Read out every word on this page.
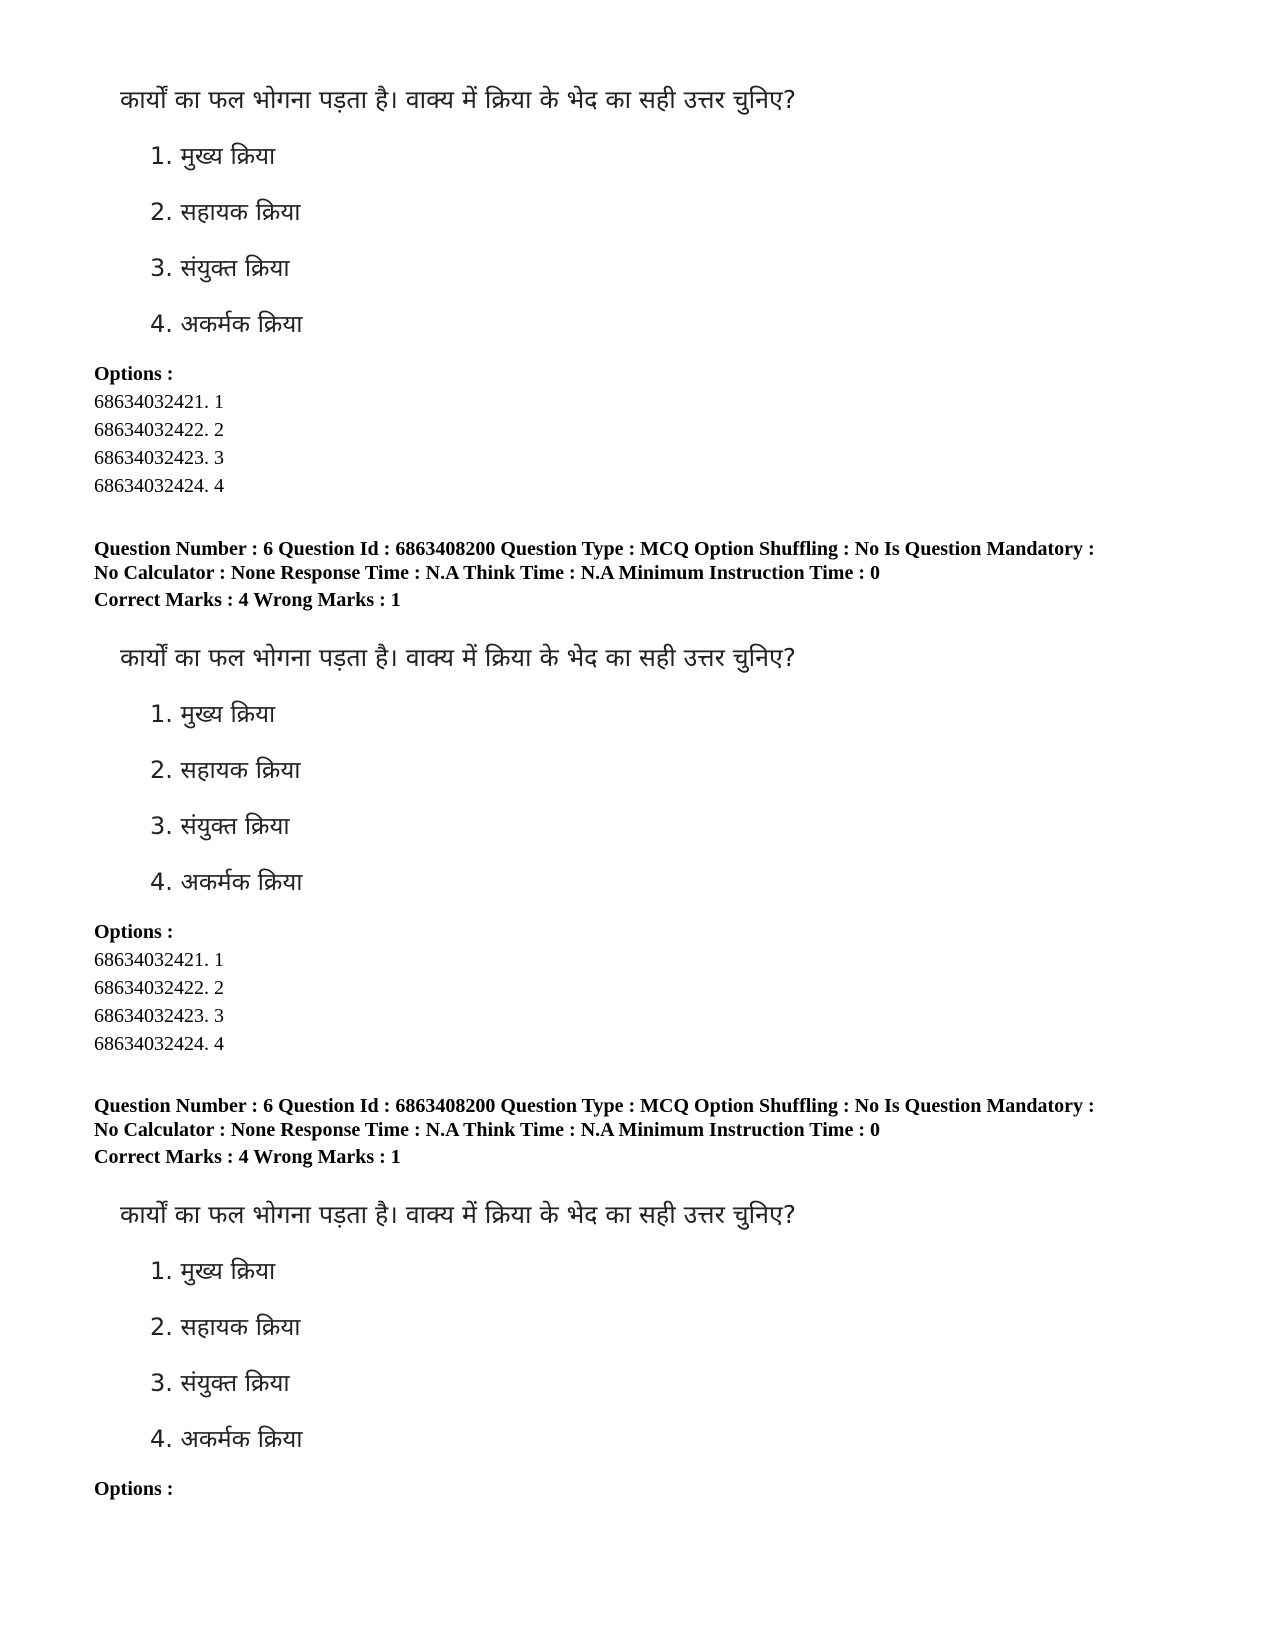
कार्यों का फल भोगना पड़ता है। वाक्य में क्रिया के भेद का सही उत्तर चुनिए?
1. मुख्य क्रिया
2. सहायक क्रिया
3. संयुक्त क्रिया
4. अकर्मक क्रिया
Options :
68634032421. 1
68634032422. 2
68634032423. 3
68634032424. 4
Question Number : 6 Question Id : 6863408200 Question Type : MCQ Option Shuffling : No Is Question Mandatory :
No Calculator : None Response Time : N.A Think Time : N.A Minimum Instruction Time : 0
Correct Marks : 4 Wrong Marks : 1
कार्यों का फल भोगना पड़ता है। वाक्य में क्रिया के भेद का सही उत्तर चुनिए?
1. मुख्य क्रिया
2. सहायक क्रिया
3. संयुक्त क्रिया
4. अकर्मक क्रिया
Options :
68634032421. 1
68634032422. 2
68634032423. 3
68634032424. 4
Question Number : 6 Question Id : 6863408200 Question Type : MCQ Option Shuffling : No Is Question Mandatory :
No Calculator : None Response Time : N.A Think Time : N.A Minimum Instruction Time : 0
Correct Marks : 4 Wrong Marks : 1
कार्यों का फल भोगना पड़ता है। वाक्य में क्रिया के भेद का सही उत्तर चुनिए?
1. मुख्य क्रिया
2. सहायक क्रिया
3. संयुक्त क्रिया
4. अकर्मक क्रिया
Options :
